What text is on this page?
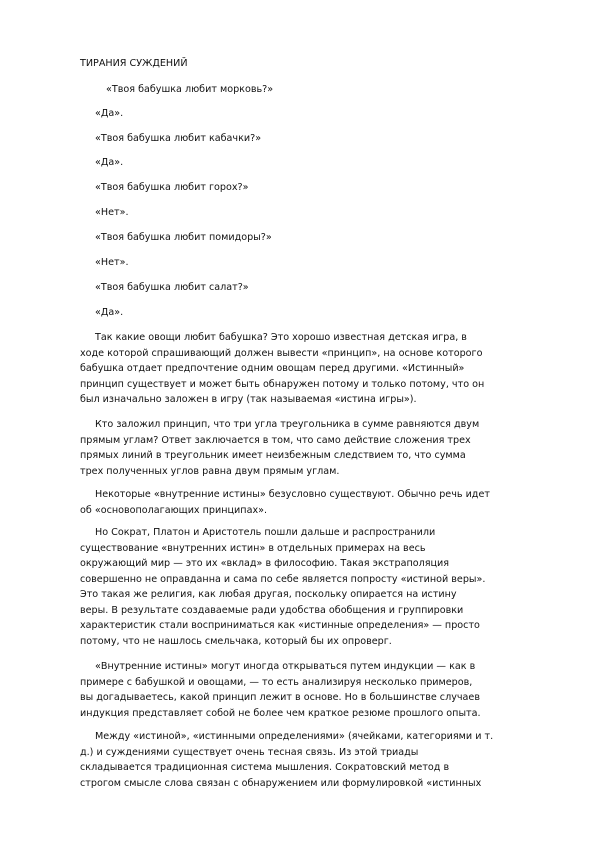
ТИРАНИЯ СУЖДЕНИЙ
«Твоя бабушка любит морковь?»
«Да».
«Твоя бабушка любит кабачки?»
«Да».
«Твоя бабушка любит горох?»
«Нет».
«Твоя бабушка любит помидоры?»
«Нет».
«Твоя бабушка любит салат?»
«Да».
Так какие овощи любит бабушка? Это хорошо известная детская игра, в
ходе которой спрашивающий должен вывести «принцип», на основе которого
бабушка отдает предпочтение одним овощам перед другими. «Истинный»
принцип существует и может быть обнаружен потому и только потому, что он
был изначально заложен в игру (так называемая «истина игры»).
Кто заложил принцип, что три угла треугольника в сумме равняются двум
прямым углам? Ответ заключается в том, что само действие сложения трех
прямых линий в треугольник имеет неизбежным следствием то, что сумма
трех полученных углов равна двум прямым углам.
Некоторые «внутренние истины» безусловно существуют. Обычно речь идет
об «основополагающих принципах».
Но Сократ, Платон и Аристотель пошли дальше и распространили
существование «внутренних истин» в отдельных примерах на весь
окружающий мир — это их «вклад» в философию. Такая экстраполяция
совершенно не оправданна и сама по себе является попросту «истиной веры».
Это такая же религия, как любая другая, поскольку опирается на истину
веры. В результате создаваемые ради удобства обобщения и группировки
характеристик стали восприниматься как «истинные определения» — просто
потому, что не нашлось смельчака, который бы их опроверг.
«Внутренние истины» могут иногда открываться путем индукции — как в
примере с бабушкой и овощами, — то есть анализируя несколько примеров,
вы догадываетесь, какой принцип лежит в основе. Но в большинстве случаев
индукция представляет собой не более чем краткое резюме прошлого опыта.
Между «истиной», «истинными определениями» (ячейками, категориями и т.
д.) и суждениями существует очень тесная связь. Из этой триады
складывается традиционная система мышления. Сократовский метод в
строгом смысле слова связан с обнаружением или формулировкой «истинных
